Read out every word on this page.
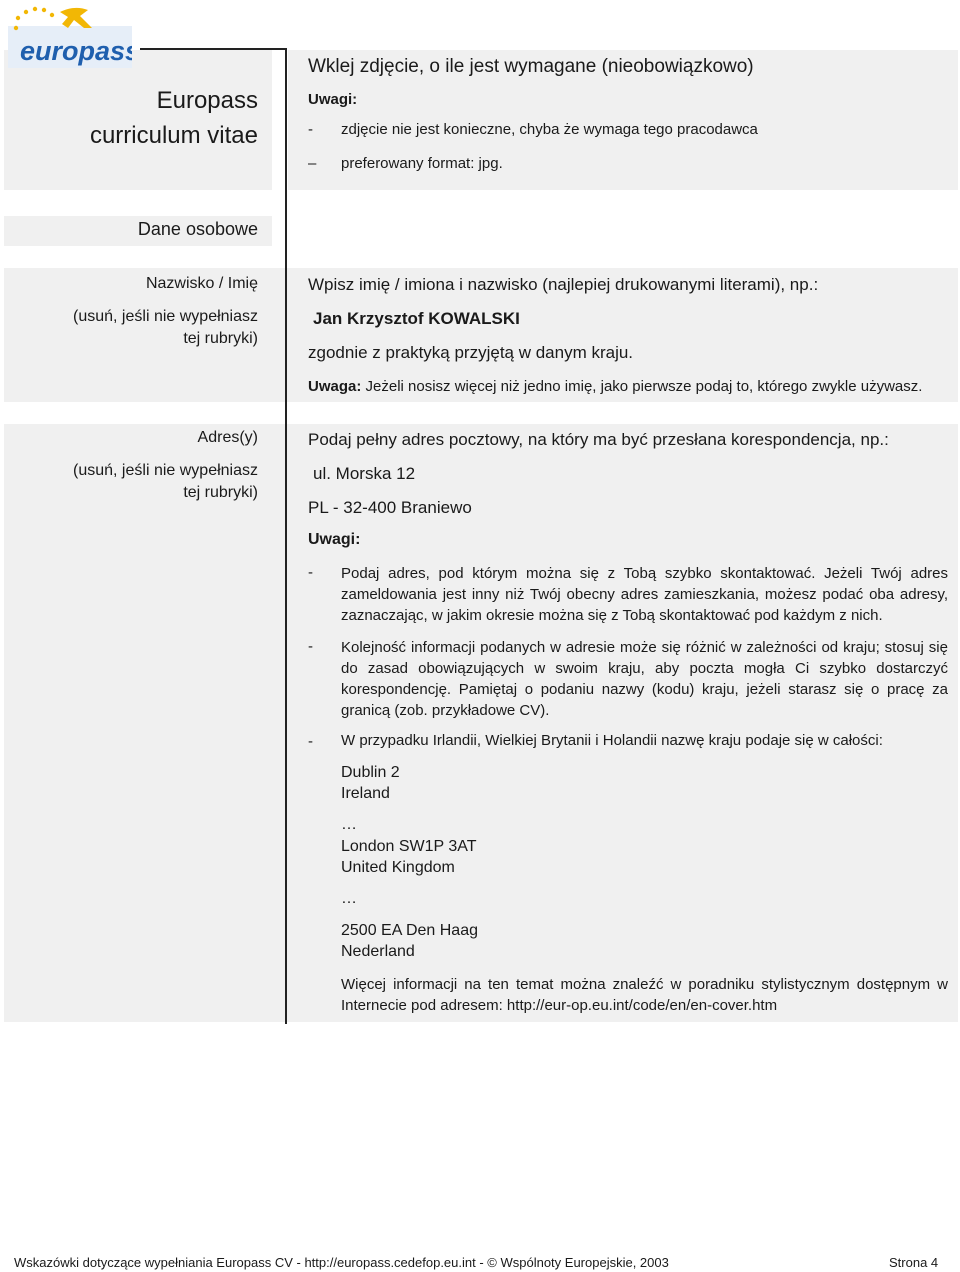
europass
Europass
curriculum vitae
Wklej zdjęcie, o ile jest wymagane (nieobowiązkowo)
Uwagi:
- zdjęcie nie jest konieczne, chyba że wymaga tego pracodawca
– preferowany format: jpg.
Dane osobowe
Nazwisko / Imię
(usuń, jeśli nie wypełniasz tej rubryki)
Wpisz imię / imiona i nazwisko (najlepiej drukowanymi literami), np.:
Jan Krzysztof KOWALSKI
zgodnie z praktyką przyjętą w danym kraju.
Uwaga: Jeżeli nosisz więcej niż jedno imię, jako pierwsze podaj to, którego zwykle używasz.
Adres(y)
(usuń, jeśli nie wypełniasz tej rubryki)
Podaj pełny adres pocztowy, na który ma być przesłana korespondencja, np.:
ul. Morska 12
PL - 32-400 Braniewo
Uwagi:
- Podaj adres, pod którym można się z Tobą szybko skontaktować. Jeżeli Twój adres zameldowania jest inny niż Twój obecny adres zamieszkania, możesz podać oba adresy, zaznaczając, w jakim okresie można się z Tobą skontaktować pod każdym z nich.
- Kolejność informacji podanych w adresie może się różnić w zależności od kraju; stosuj się do zasad obowiązujących w swoim kraju, aby poczta mogła Ci szybko dostarczyć korespondencję. Pamiętaj o podaniu nazwy (kodu) kraju, jeżeli starasz się o pracę za granicą (zob. przykładowe CV).
- W przypadku Irlandii, Wielkiej Brytanii i Holandii nazwę kraju podaje się w całości:
Dublin 2
Ireland
…
London SW1P 3AT
United Kingdom
…
2500 EA Den Haag
Nederland
Więcej informacji na ten temat można znaleźć w poradniku stylistycznym dostępnym w Internecie pod adresem: http://eur-op.eu.int/code/en/en-cover.htm
Wskazówki dotyczące wypełniania Europass CV - http://europass.cedefop.eu.int - © Wspólnoty Europejskie, 2003	Strona 4
